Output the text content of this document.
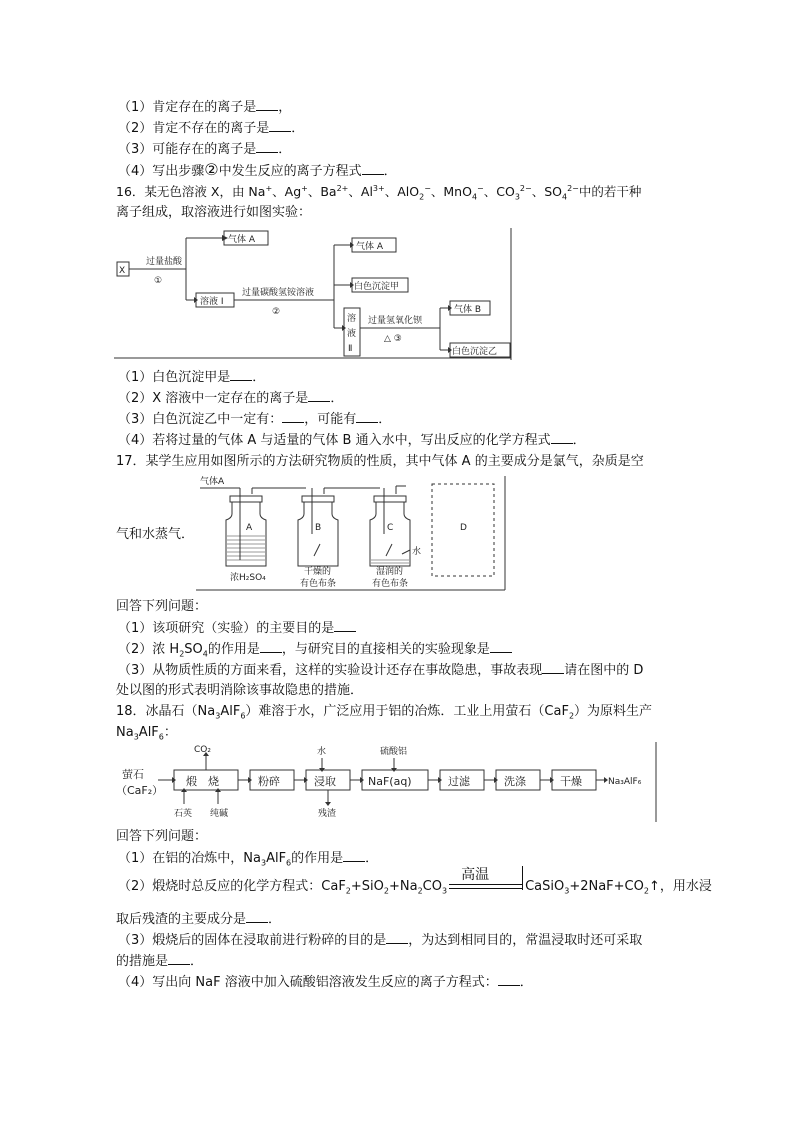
（1）肯定存在的离子是 ，
（2）肯定不存在的离子是 ．
（3）可能存在的离子是 ．
（4）写出步骤②中发生反应的离子方程式 ．
16．某无色溶液 X，由 Na+、Ag+、$Ba^{2+}$、$Al^{3+}$、AlO$_2$−、MnO$_4$−、$CO_3^{2-}$、$SO_4^{2-}$中的若干种
离子组成，取溶液进行如图实验：
X
过量盐酸
①
气体 A
溶液 Ⅰ
过量碳酸氢铵溶液
②
气体 A
白色沉淀甲
溶
液
Ⅱ
过量氢氧化钡
△ ③
气体 B
白色沉淀乙
（1）白色沉淀甲是 ．
（2）X 溶液中一定存在的离子是 ．
（3）白色沉淀乙中一定有： ，可能有 ．
（4）若将过量的气体 A 与适量的气体 B 通入水中，写出反应的化学方程式 ．
17．某学生应用如图所示的方法研究物质的性质，其中气体 A 的主要成分是氯气，杂质是空
气体A
A	B	C	D
水
浓H₂SO₄
干燥的
有色布条
湿润的
有色布条
气和水蒸气．
回答下列问题：
（1）该项研究（实验）的主要目的是
（2）浓 $H_2SO_4$的作用是 ，与研究目的直接相关的实验现象是
（3）从物质性质的方面来看，这样的实验设计还存在事故隐患，事故表现 请在图中的 D
处以图的形式表明消除该事故隐患的措施．
18．冰晶石$(Na_3AlF_6)$难溶于水，广泛应用于铝的冶炼．工业上用萤石（CaF$_2$）为原料生产
$Na_3AlF_6$：
萤石
（CaF₂）
CO₂
煅　烧
石英 纯碱
粉碎
水
浸取
残渣
硫酸铝
NaF(aq)	过滤	洗涤	干燥	Na₃AlF₆
回答下列问题：
（1）在铝的冶炼中，$Na_3AlF_6$的作用是 ．
（2）煅烧时总反应的化学方程式：$CaF_2+SiO_2+Na_2CO_3$
高温
$CaSiO_3+2NaF+CO_2↑$，用水浸
取后残渣的主要成分是 ．
（3）煅烧后的固体在浸取前进行粉碎的目的是 ，为达到相同目的，常温浸取时还可采取
的措施是 ．
（4）写出向 NaF 溶液中加入硫酸铝溶液发生反应的离子方程式： ．
